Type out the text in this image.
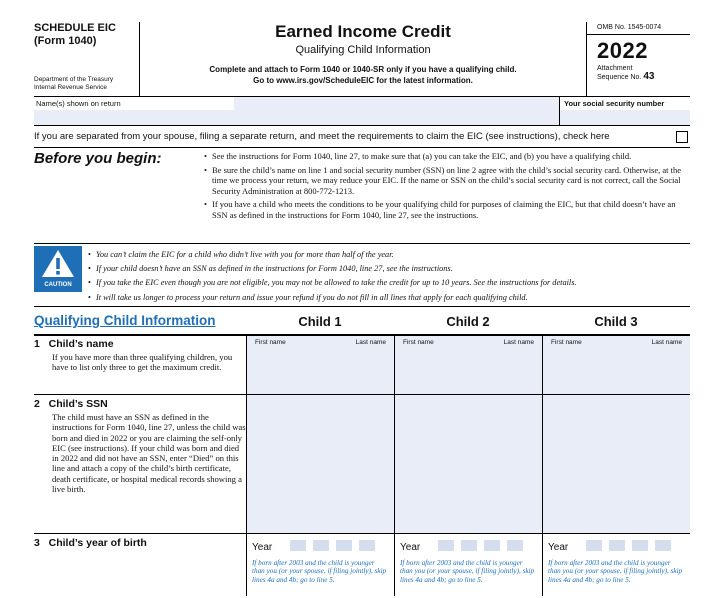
SCHEDULE EIC
(Form 1040)
Department of the Treasury
Internal Revenue Service
Earned Income Credit
Qualifying Child Information
Complete and attach to Form 1040 or 1040-SR only if you have a qualifying child.
Go to www.irs.gov/ScheduleEIC for the latest information.
OMB No. 1545-0074
2022
Attachment
Sequence No. 43
Name(s) shown on return	Your social security number
If you are separated from your spouse, filing a separate return, and meet the requirements to claim the EIC (see instructions), check here
Before you begin:
•	See the instructions for Form 1040, line 27, to make sure that (a) you can take the EIC, and (b) you have a qualifying child.
• Be sure the child’s name on line 1 and social security number (SSN) on line 2 agree with the child’s social security card. Otherwise, at the time we process your return, we may reduce your EIC. If the name or SSN on the child’s social security card is not correct, call the Social Security Administration at 800-772-1213.
• If you have a child who meets the conditions to be your qualifying child for purposes of claiming the EIC, but that child doesn’t have an SSN as defined in the instructions for Form 1040, line 27, see the instructions.
CAUTION
• You can’t claim the EIC for a child who didn’t live with you for more than half of the year.
• If your child doesn’t have an SSN as defined in the instructions for Form 1040, line 27, see the instructions.
• If you take the EIC even though you are not eligible, you may not be allowed to take the credit for up to 10 years. See the instructions for details.
• It will take us longer to process your return and issue your refund if you do not fill in all lines that apply for each qualifying child.
Qualifying Child Information	Child 1	Child 2	Child 3
1 Child’s name
If you have more than three qualifying children, you have to list only three to get the maximum credit.
First name	Last name	First name	Last name	First name	Last name
2 Child’s SSN
The child must have an SSN as defined in the instructions for Form 1040, line 27, unless the child was born and died in 2022 or you are claiming the self-only EIC (see instructions). If your child was born and died in 2022 and did not have an SSN, enter “Died” on this line and attach a copy of the child’s birth certificate, death certificate, or hospital medical records showing a live birth.
3 Child’s year of birth	Year
If born after 2003 and the child is younger than you (or your spouse, if filing jointly), skip lines 4a and 4b; go to line 5.
Year
If born after 2003 and the child is younger than you (or your spouse, if filing jointly), skip lines 4a and 4b; go to line 5.
Year
If born after 2003 and the child is younger than you (or your spouse, if filing jointly), skip lines 4a and 4b; go to line 5.
